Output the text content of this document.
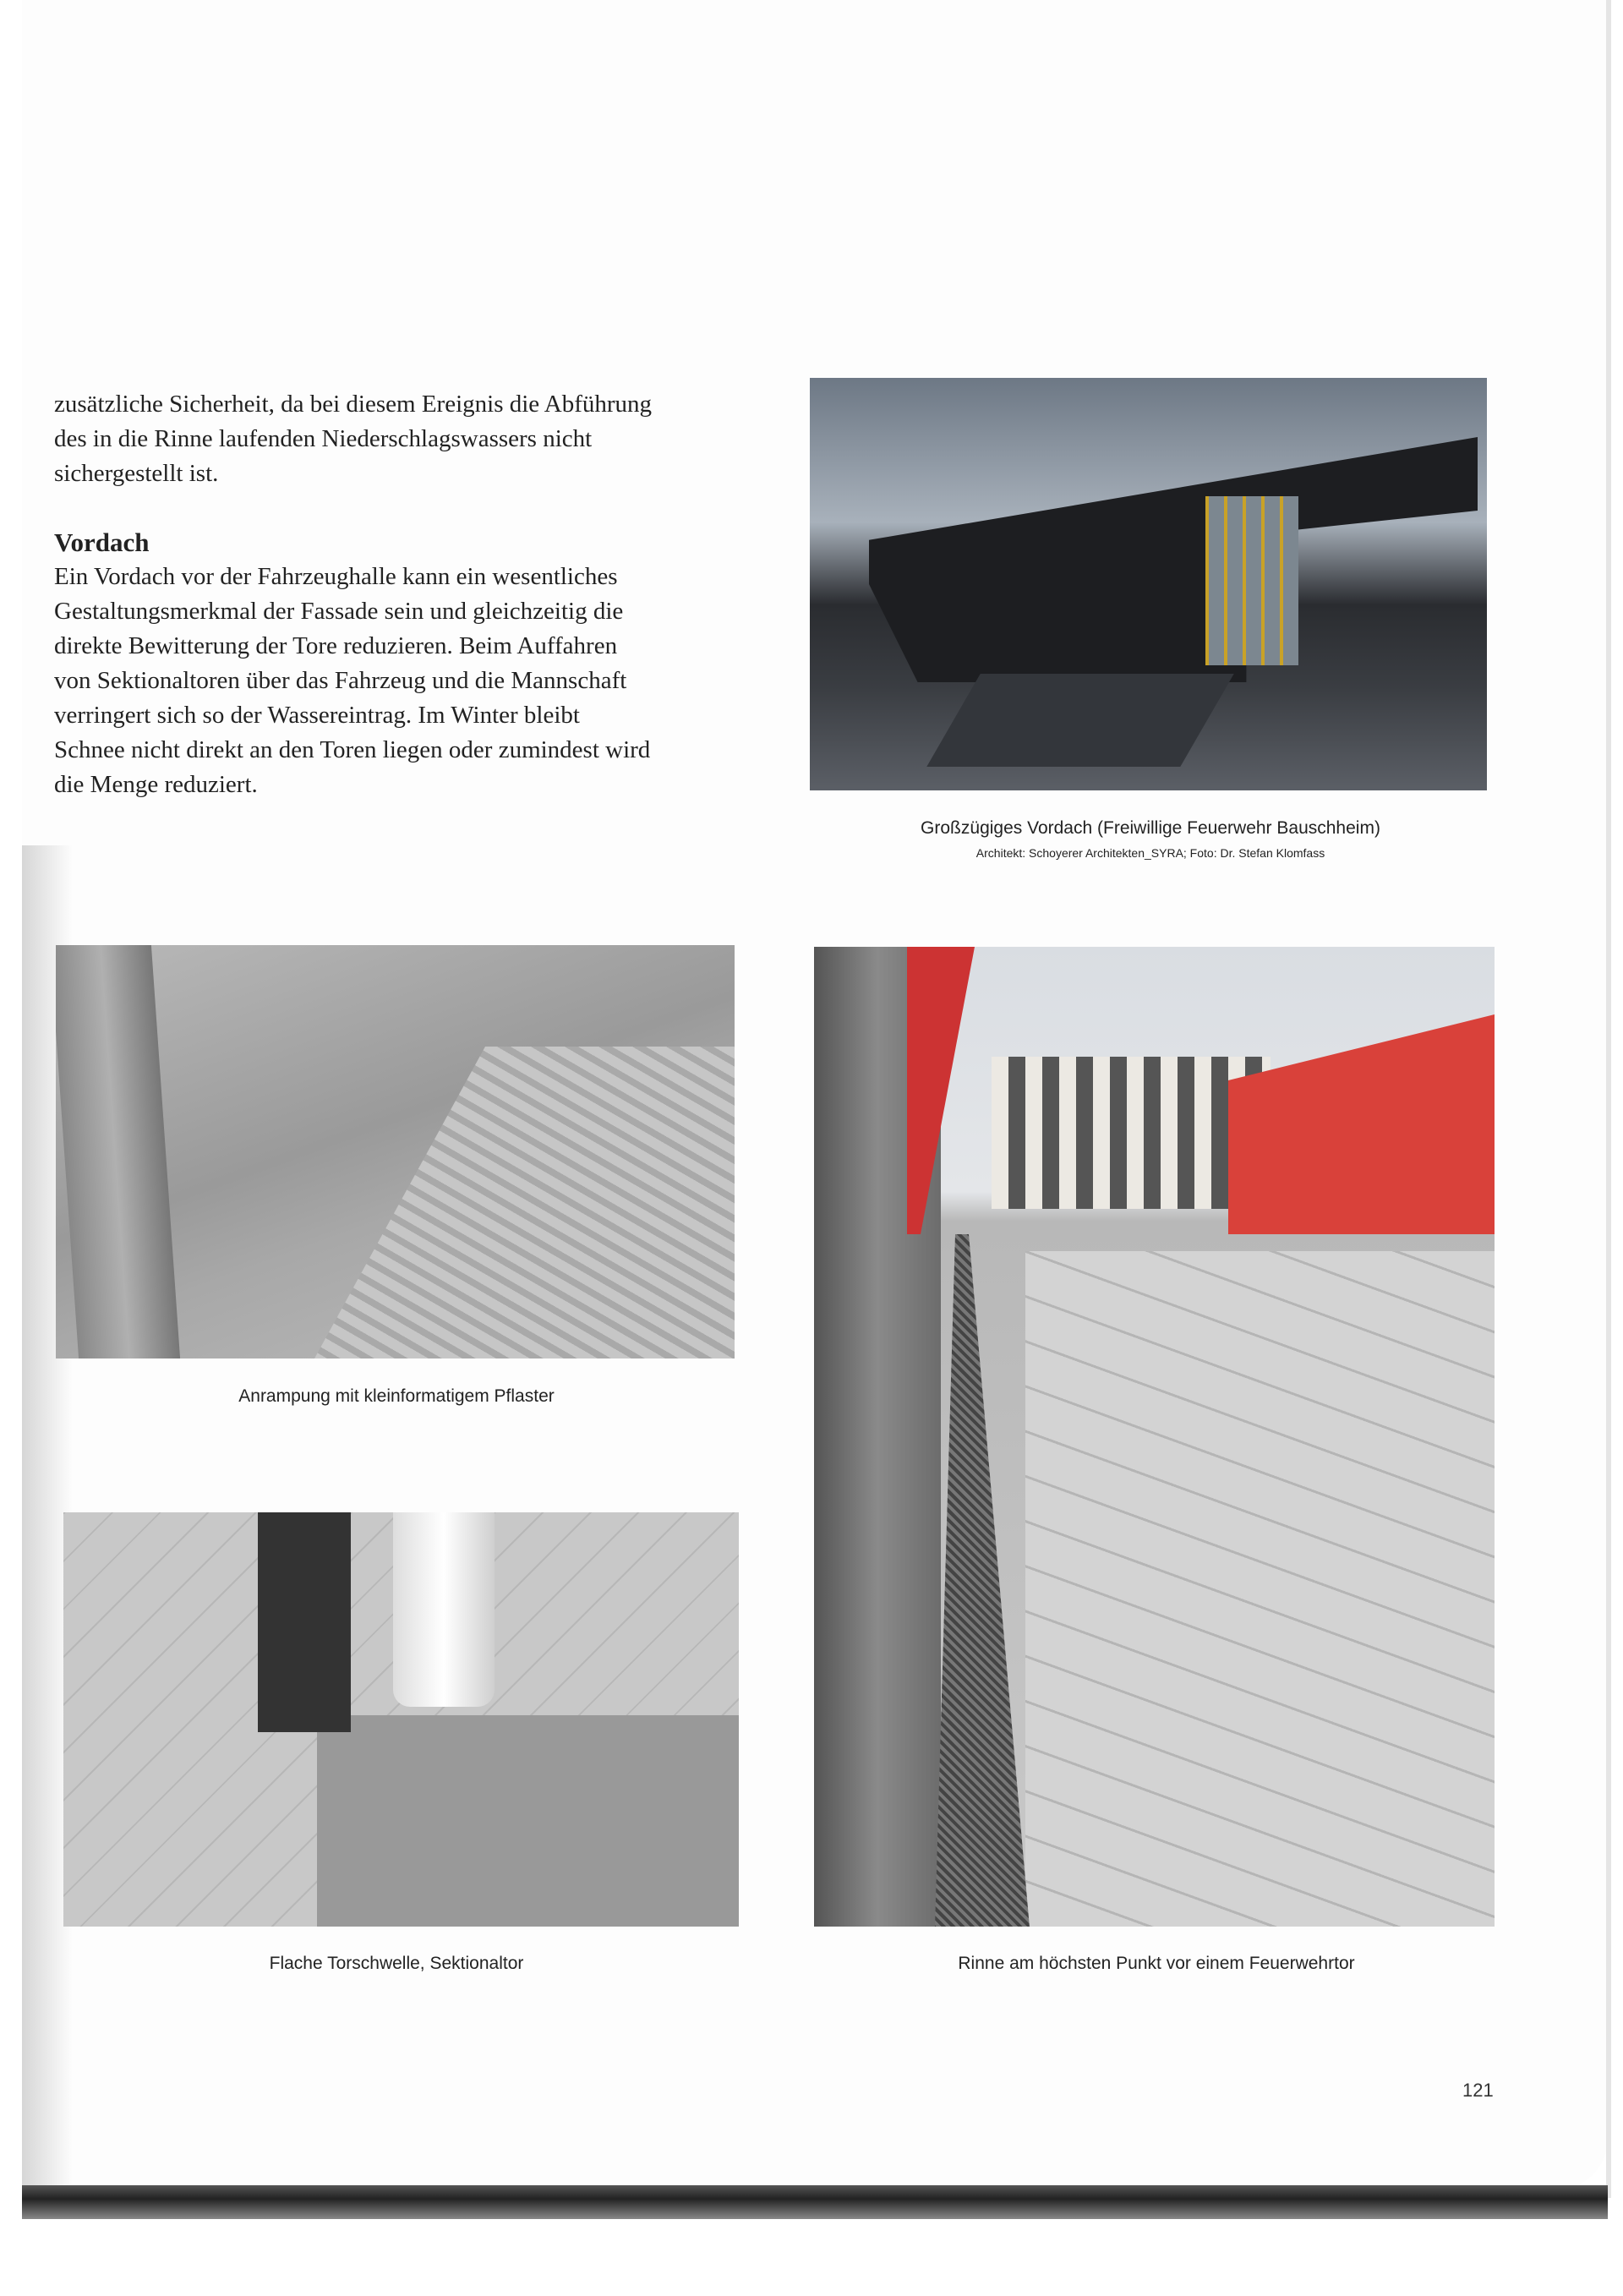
zusätzliche Sicherheit, da bei diesem Ereignis die Abführung

des in die Rinne laufenden Niederschlagswassers nicht

sichergestellt ist.

Vordach

Ein Vordach vor der Fahrzeughalle kann ein wesentliches

Gestaltungsmerkmal der Fassade sein und gleichzeitig die

direkte Bewitterung der Tore reduzieren. Beim Auffahren

von Sektionaltoren über das Fahrzeug und die Mannschaft

verringert sich so der Wassereintrag. Im Winter bleibt

Schnee nicht direkt an den Toren liegen oder zumindest wird

die Menge reduziert.

Großzügiges Vordach (Freiwillige Feuerwehr Bauschheim)
Architekt: Schoyerer Architekten_SYRA; Foto: Dr. Stefan Klomfass
Anrampung mit kleinformatigem Pflaster
Flache Torschwelle, Sektionaltor	Rinne am höchsten Punkt vor einem Feuerwehrtor
121
